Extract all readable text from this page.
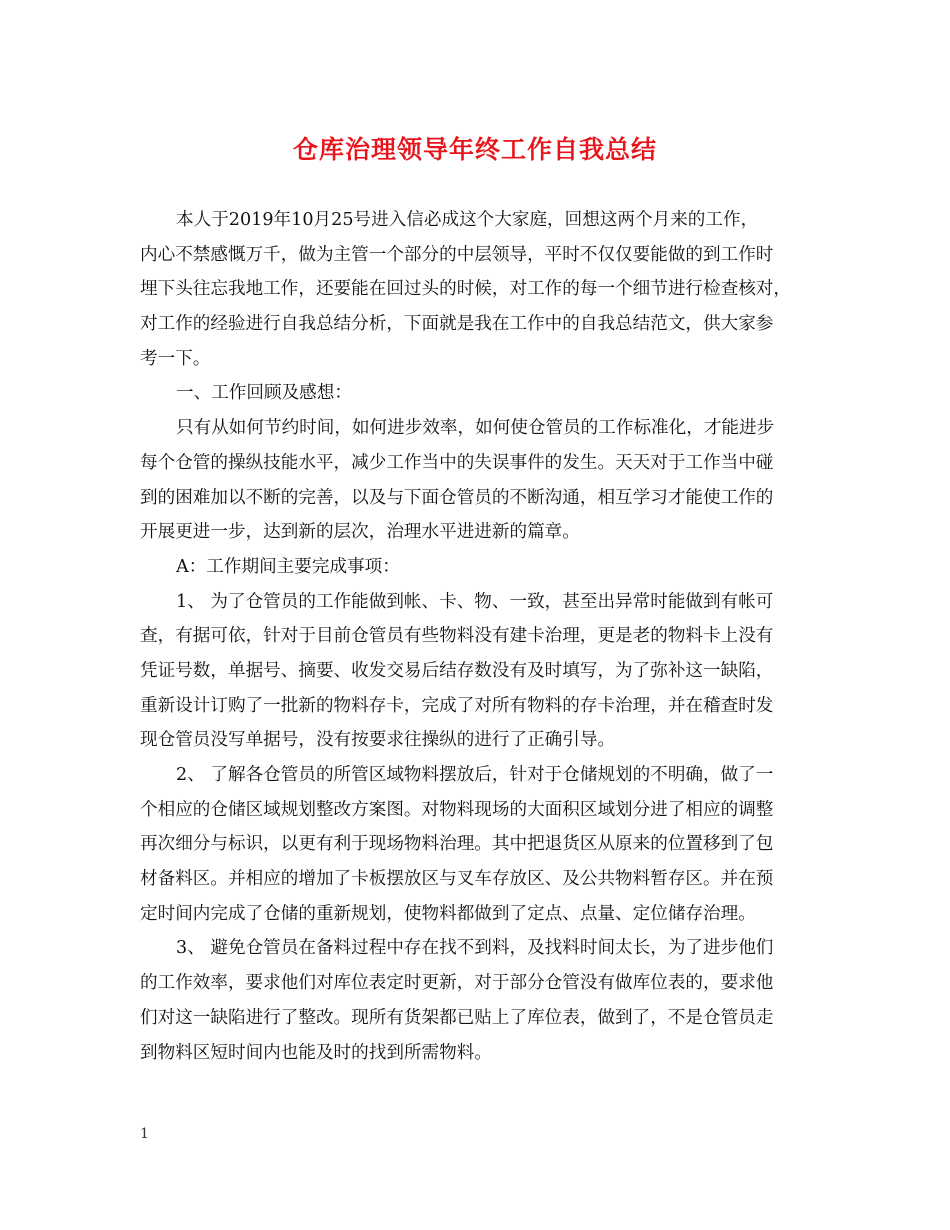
仓库治理领导年终工作自我总结
本人于2019年10月25号进入信必成这个大家庭，回想这两个月来的工作，
内心不禁感慨万千，做为主管一个部分的中层领导，平时不仅仅要能做的到工作时
埋下头往忘我地工作，还要能在回过头的时候，对工作的每一个细节进行检查核对，
对工作的经验进行自我总结分析，下面就是我在工作中的自我总结范文，供大家参
考一下。
一、工作回顾及感想：
只有从如何节约时间，如何进步效率，如何使仓管员的工作标准化，才能进步
每个仓管的操纵技能水平，减少工作当中的失误事件的发生。天天对于工作当中碰
到的困难加以不断的完善，以及与下面仓管员的不断沟通，相互学习才能使工作的
开展更进一步，达到新的层次，治理水平进进新的篇章。
A：工作期间主要完成事项：
1、 为了仓管员的工作能做到帐、卡、物、一致，甚至出异常时能做到有帐可
查，有据可依，针对于目前仓管员有些物料没有建卡治理，更是老的物料卡上没有
凭证号数，单据号、摘要、收发交易后结存数没有及时填写，为了弥补这一缺陷，
重新设计订购了一批新的物料存卡，完成了对所有物料的存卡治理，并在稽查时发
现仓管员没写单据号，没有按要求往操纵的进行了正确引导。
2、 了解各仓管员的所管区域物料摆放后，针对于仓储规划的不明确，做了一
个相应的仓储区域规划整改方案图。对物料现场的大面积区域划分进了相应的调整
再次细分与标识，以更有利于现场物料治理。其中把退货区从原来的位置移到了包
材备料区。并相应的增加了卡板摆放区与叉车存放区、及公共物料暂存区。并在预
定时间内完成了仓储的重新规划，使物料都做到了定点、点量、定位储存治理。
3、 避免仓管员在备料过程中存在找不到料，及找料时间太长，为了进步他们
的工作效率，要求他们对库位表定时更新，对于部分仓管没有做库位表的，要求他
们对这一缺陷进行了整改。现所有货架都已贴上了库位表，做到了，不是仓管员走
到物料区短时间内也能及时的找到所需物料。
1
